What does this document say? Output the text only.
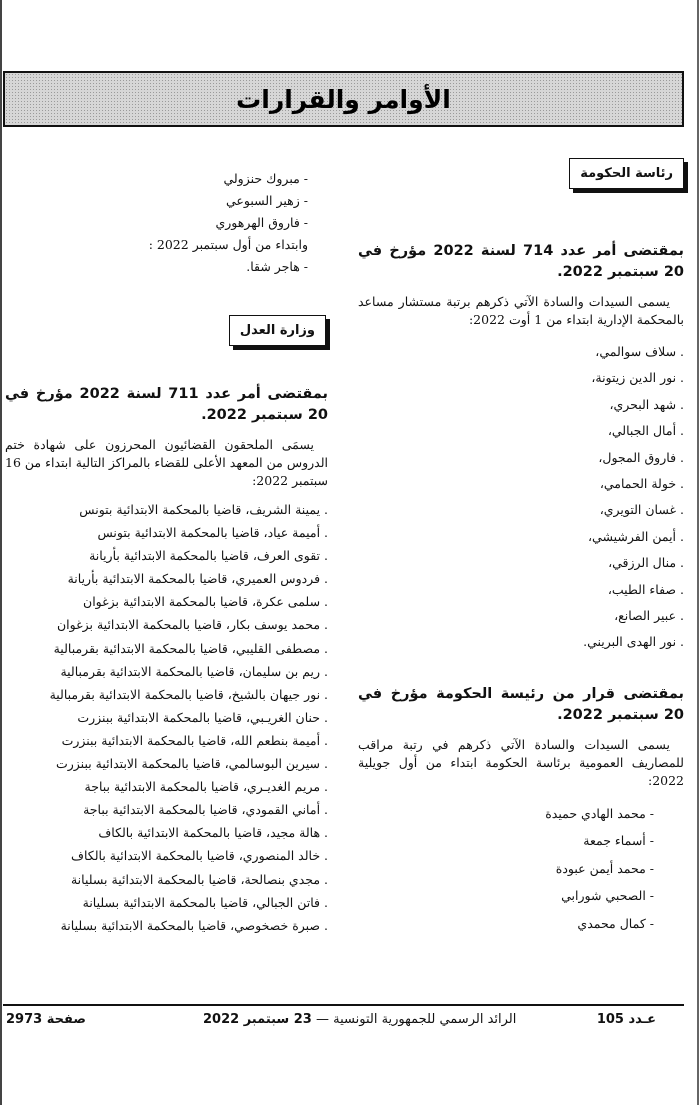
الأوامر والقرارات
رئاسة الحكومة

بمقتضى أمر عدد 714 لسنة 2022 مؤرخ في 20 سبتمبر 2022.

يسمى السيدات والسادة الآتي ذكرهم برتبة مستشار مساعد بالمحكمة الإدارية ابتداء من 1 أوت 2022:

. سلاف سوالمي،

. نور الدين زيتونة،

. شهد البحري،

. أمال الجبالي،

. فاروق المجول،

. خولة الحمامي،

. غسان التويري،

. أيمن الفرشيشي،

. منال الرزقي،

. صفاء الطيب،

. عبير الصانع،

. نور الهدى البريني.

بمقتضى قرار من رئيسة الحكومة مؤرخ في 20 سبتمبر 2022.

يسمى السيدات والسادة الآتي ذكرهم في رتبة مراقب للمصاريف العمومية برئاسة الحكومة ابتداء من أول جويلية 2022:

- محمد الهادي حميدة

- أسماء جمعة

- محمد أيمن عبودة

- الصحبي شورابي

- كمال محمدي

- مبروك حنزولي

- زهير السبوعي

- فاروق الهرهوري

وابتداء من أول سبتمبر 2022 :

- هاجر شقا.

وزارة العدل

بمقتضى أمر عدد 711 لسنة 2022 مؤرخ في 20 سبتمبر 2022.

يسمَى الملحقون القضائيون المحرزون على شهادة ختم الدروس من المعهد الأعلى للقضاء بالمراكز التالية ابتداء من 16 سبتمبر 2022:

. يمينة الشريف، قاضيا بالمحكمة الابتدائية بتونس

. أميمة عياد، قاضيا بالمحكمة الابتدائية بتونس

. تقوى العرف، قاضيا بالمحكمة الابتدائية بأريانة

. فردوس العميري، قاضيا بالمحكمة الابتدائية بأريانة

. سلمى عكرة، قاضيا بالمحكمة الابتدائية بزغوان

. محمد يوسف بكار، قاضيا بالمحكمة الابتدائية بزغوان

. مصطفى القليبي، قاضيا بالمحكمة الابتدائية بقرمبالية

. ريم بن سليمان، قاضيا بالمحكمة الابتدائية بقرمبالية

. نور جيهان بالشيخ، قاضيا بالمحكمة الابتدائية بقرمبالية

. حنان الغريـبي، قاضيا بالمحكمة الابتدائية ببنزرت

. أميمة بنطعم الله، قاضيا بالمحكمة الابتدائية ببنزرت

. سيرين البوسالمي، قاضيا بالمحكمة الابتدائية ببنزرت

. مريم الغديـري، قاضيا بالمحكمة الابتدائية بباجة

. أماني القمودي، قاضيا بالمحكمة الابتدائية بباجة

. هالة مجيد، قاضيا بالمحكمة الابتدائية بالكاف

. خالد المنصوري، قاضيا بالمحكمة الابتدائية بالكاف

. مجدي بنصالحة، قاضيا بالمحكمة الابتدائية بسليانة

. فاتن الجبالي، قاضيا بالمحكمة الابتدائية بسليانة

. صبرة خصخوصي، قاضيا بالمحكمة الابتدائية بسليانة

عـدد 105
الرائد الرسمي للجمهورية التونسية — 23 سبتمبر 2022
صفحة 2973
